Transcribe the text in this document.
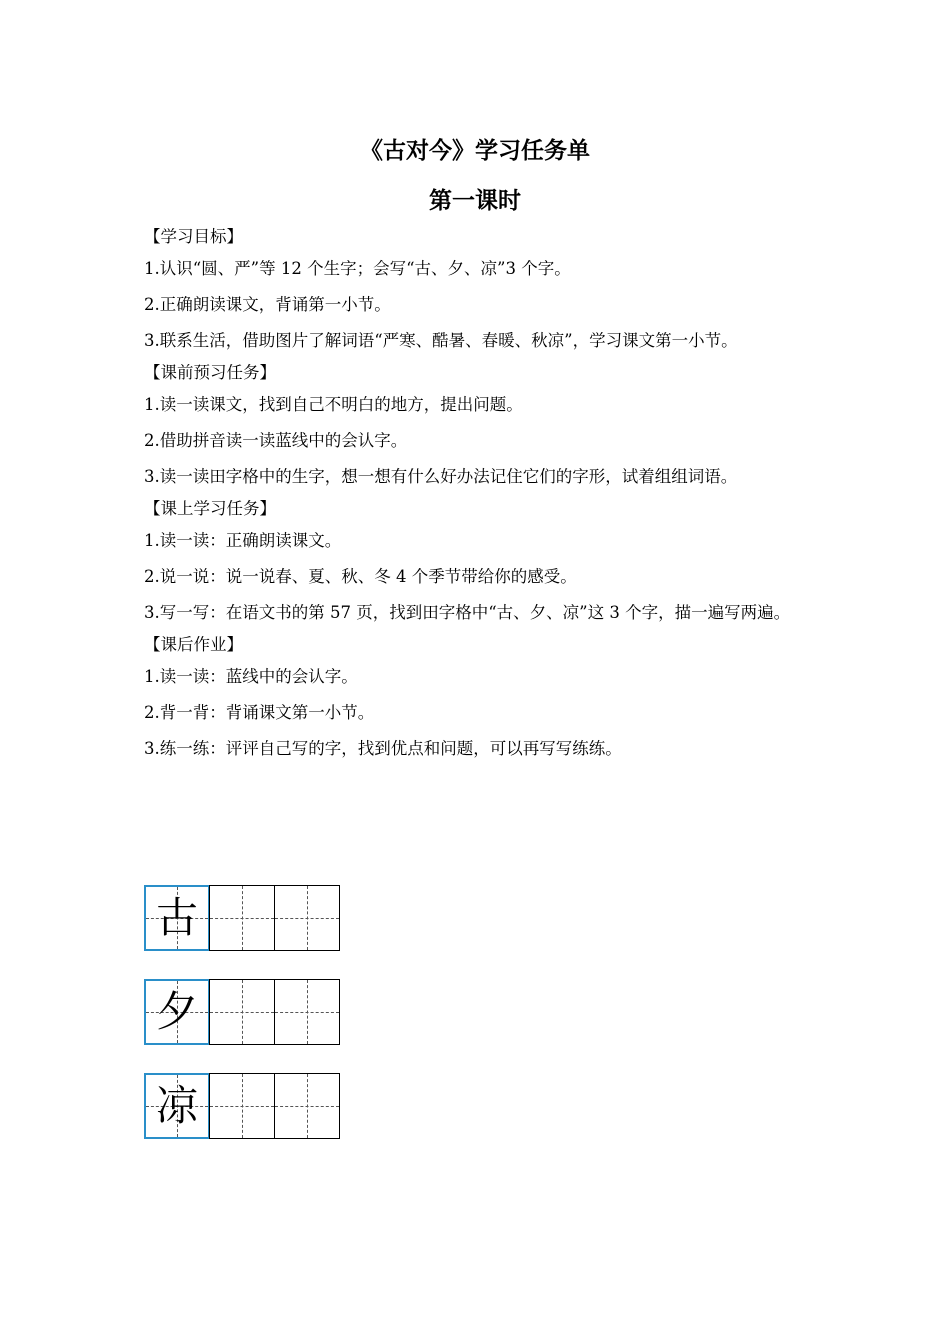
《古对今》学习任务单
第一课时
【学习目标】
1.认识“圆、严”等 12 个生字；会写“古、夕、凉”3 个字。
2.正确朗读课文，背诵第一小节。
3.联系生活，借助图片了解词语“严寒、酷暑、春暖、秋凉”，学习课文第一小节。
【课前预习任务】
1.读一读课文，找到自己不明白的地方，提出问题。
2.借助拼音读一读蓝线中的会认字。
3.读一读田字格中的生字，想一想有什么好办法记住它们的字形，试着组组词语。
【课上学习任务】
1.读一读：正确朗读课文。
2.说一说：说一说春、夏、秋、冬 4 个季节带给你的感受。
3.写一写：在语文书的第 57 页，找到田字格中“古、夕、凉”这 3 个字，描一遍写两遍。
【课后作业】
1.读一读：蓝线中的会认字。
2.背一背：背诵课文第一小节。
3.练一练：评评自己写的字，找到优点和问题，可以再写写练练。
古
夕
凉
